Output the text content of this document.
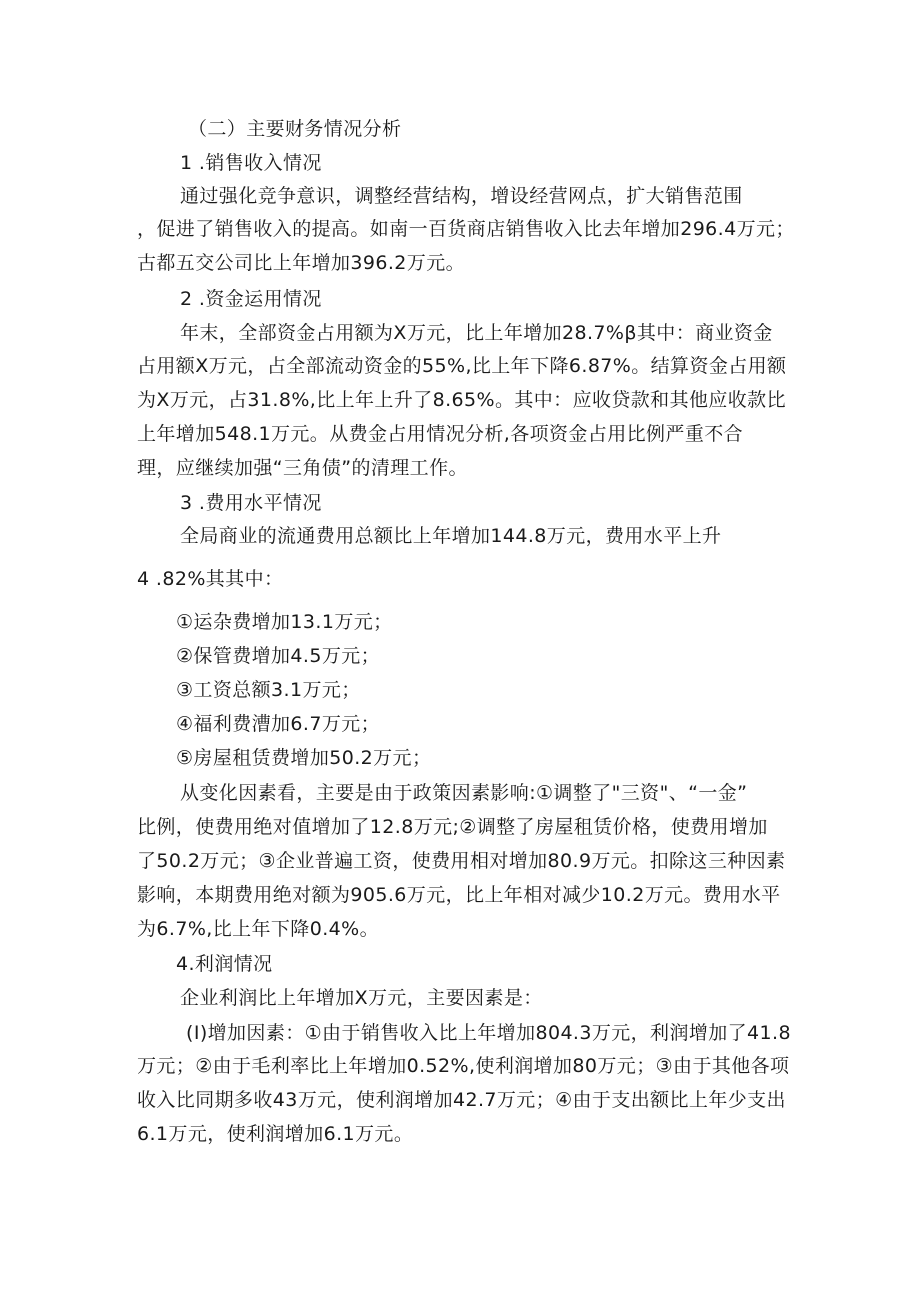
（二）主要财务情况分析
1 .销售收入情况
通过强化竞争意识，调整经营结构，增设经营网点，扩大销售范围
，促进了销售收入的提高。如南一百货商店销售收入比去年增加296.4万元；
古都五交公司比上年增加396.2万元。
2 .资金运用情况
年末，全部资金占用额为X万元，比上年增加28.7%β其中：商业资金
占用额X万元，占全部流动资金的55%,比上年下降6.87%。结算资金占用额
为X万元，占31.8%,比上年上升了8.65%。其中：应收贷款和其他应收款比
上年增加548.1万元。从费金占用情况分析,各项资金占用比例严重不合
理，应继续加强“三角债”的清理工作。
3 .费用水平情况
全局商业的流通费用总额比上年增加144.8万元，费用水平上升
4 .82%其其中：
①运杂费增加13.1万元；
②保管费增加4.5万元；
③工资总额3.1万元；
④福利费漕加6.7万元；
⑤房屋租赁费增加50.2万元；
从变化因素看，主要是由于政策因素影响:①调整了"三资"、“一金”
比例，使费用绝对值增加了12.8万元;②调整了房屋租赁价格，使费用增加
了50.2万元；③企业普遍工资，使费用相对增加80.9万元。扣除这三种因素
影响，本期费用绝对额为905.6万元，比上年相对减少10.2万元。费用水平
为6.7%,比上年下降0.4%。
4.利润情况
企业利润比上年增加X万元，主要因素是：
(I)增加因素：①由于销售收入比上年增加804.3万元，利润增加了41.8
万元；②由于毛利率比上年增加0.52%,使利润增加80万元；③由于其他各项
收入比同期多收43万元，使利润增加42.7万元；④由于支出额比上年少支出
6.1万元，使利润增加6.1万元。
